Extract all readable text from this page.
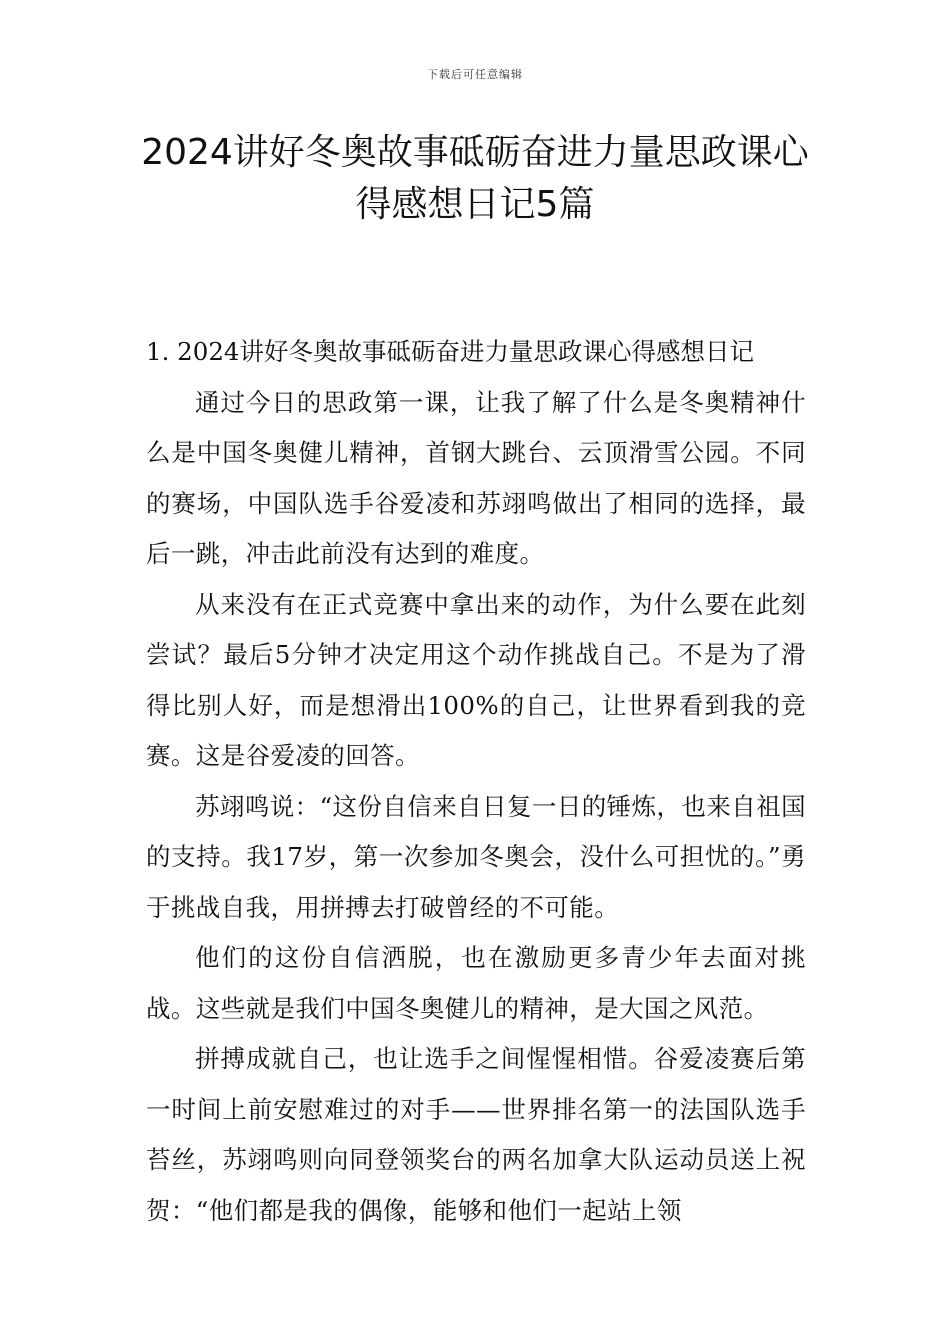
下载后可任意编辑
2024讲好冬奥故事砥砺奋进力量思政课心
得感想日记5篇
1. 2024讲好冬奥故事砥砺奋进力量思政课心得感想日记

通过今日的思政第一课，让我了解了什么是冬奥精神什么是中国冬奥健儿精神，首钢大跳台、云顶滑雪公园。不同的赛场，中国队选手谷爱凌和苏翊鸣做出了相同的选择，最后一跳，冲击此前没有达到的难度。

从来没有在正式竞赛中拿出来的动作，为什么要在此刻尝试？最后5分钟才决定用这个动作挑战自己。不是为了滑得比别人好，而是想滑出100%的自己，让世界看到我的竞赛。这是谷爱凌的回答。

苏翊鸣说：“这份自信来自日复一日的锤炼，也来自祖国的支持。我17岁，第一次参加冬奥会，没什么可担忧的。”勇于挑战自我，用拼搏去打破曾经的不可能。

他们的这份自信洒脱，也在激励更多青少年去面对挑战。这些就是我们中国冬奥健儿的精神，是大国之风范。

拼搏成就自己，也让选手之间惺惺相惜。谷爱凌赛后第一时间上前安慰难过的对手——世界排名第一的法国队选手苔丝，苏翊鸣则向同登领奖台的两名加拿大队运动员送上祝贺：“他们都是我的偶像，能够和他们一起站上领
